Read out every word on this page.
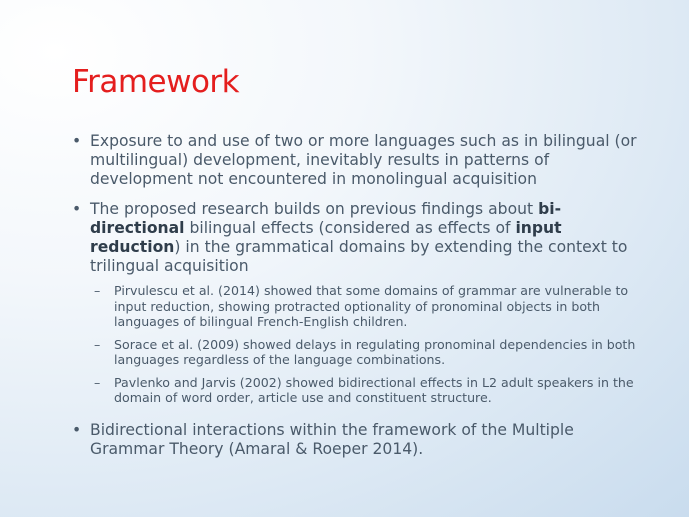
Framework
• Exposure to and use of two or more languages such as in bilingual (or multilingual) development, inevitably results in patterns of development not encountered in monolingual acquisition
• The proposed research builds on previous findings about bi-directional bilingual effects (considered as effects of input reduction) in the grammatical domains by extending the context to trilingual acquisition
– Pirvulescu et al. (2014) showed that some domains of grammar are vulnerable to input reduction, showing protracted optionality of pronominal objects in both languages of bilingual French-English children.
– Sorace et al. (2009) showed delays in regulating pronominal dependencies in both languages regardless of the language combinations.
– Pavlenko and Jarvis (2002) showed bidirectional effects in L2 adult speakers in the domain of word order, article use and constituent structure.
• Bidirectional interactions within the framework of the Multiple Grammar Theory (Amaral & Roeper 2014).
